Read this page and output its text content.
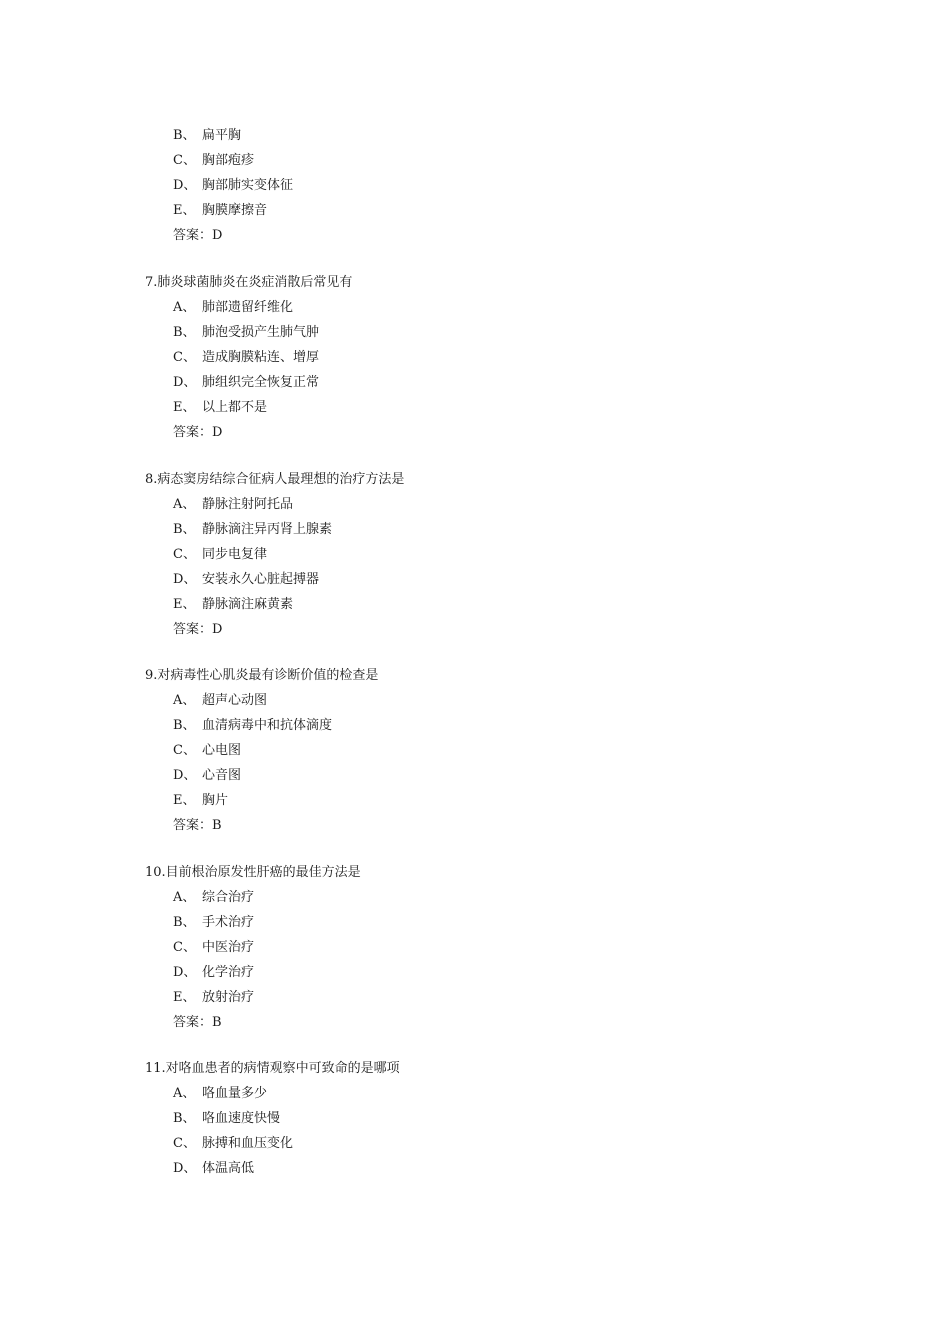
B、 扁平胸
C、 胸部疱疹
D、 胸部肺实变体征
E、 胸膜摩擦音
答案：D
7.肺炎球菌肺炎在炎症消散后常见有
A、 肺部遗留纤维化
B、 肺泡受损产生肺气肿
C、 造成胸膜粘连、增厚
D、 肺组织完全恢复正常
E、 以上都不是
答案：D
8.病态窦房结综合征病人最理想的治疗方法是
A、 静脉注射阿托品
B、 静脉滴注异丙肾上腺素
C、 同步电复律
D、 安装永久心脏起搏器
E、 静脉滴注麻黄素
答案：D
9.对病毒性心肌炎最有诊断价值的检查是
A、 超声心动图
B、 血清病毒中和抗体滴度
C、 心电图
D、 心音图
E、 胸片
答案：B
10.目前根治原发性肝癌的最佳方法是
A、 综合治疗
B、 手术治疗
C、 中医治疗
D、 化学治疗
E、 放射治疗
答案：B
11.对咯血患者的病情观察中可致命的是哪项
A、 咯血量多少
B、 咯血速度快慢
C、 脉搏和血压变化
D、 体温高低
